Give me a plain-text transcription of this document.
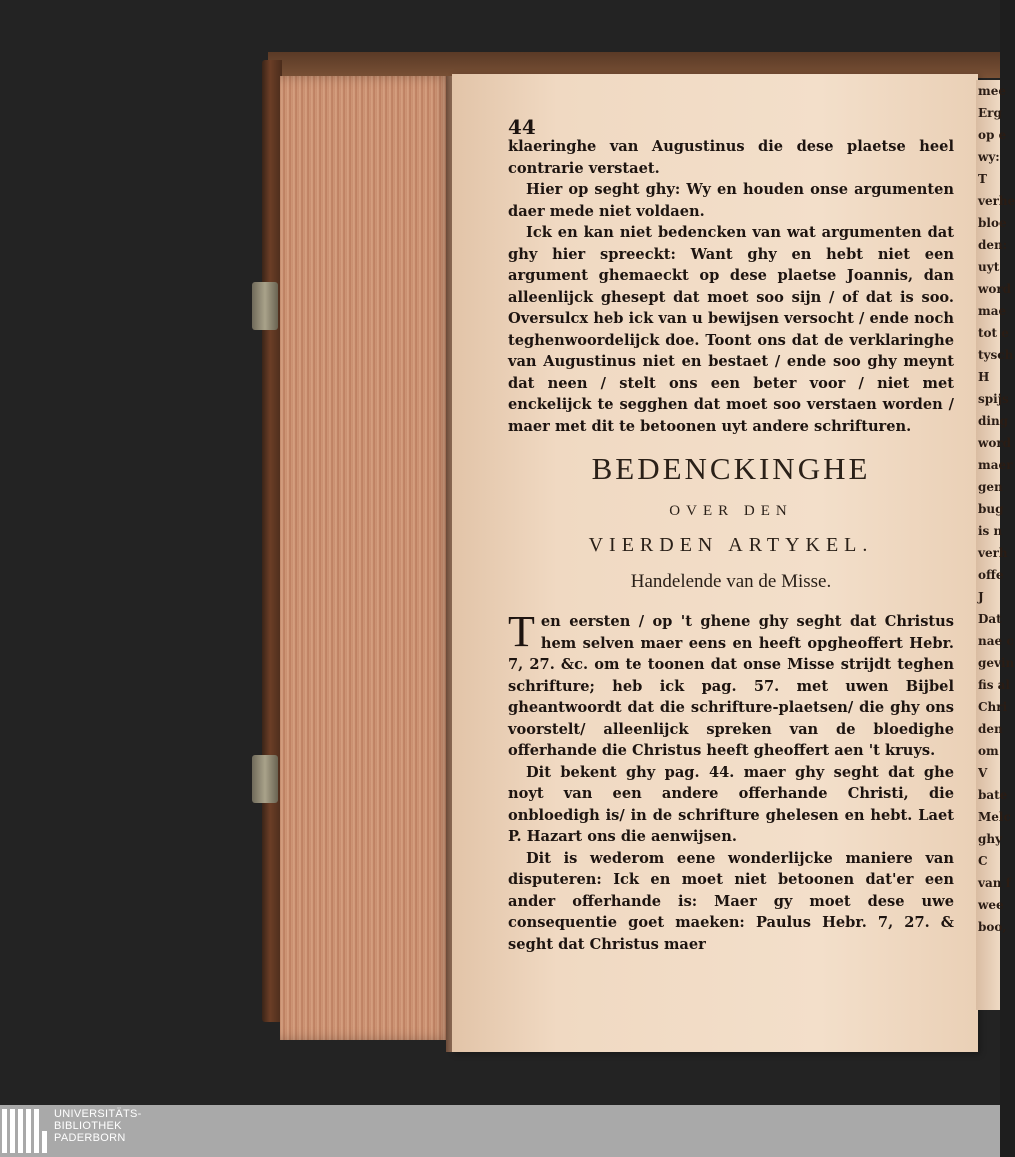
mee
Erg
op e
wy:
T
verhe
bloe
den:
uyt
word
mae
tot e
tysch
H
spijs
ding
word
maer
gen
bug
is n
verh
offe
J
Dat
nae c
gevin
fis al
Chri
den
om
V
bate
Melc
ghy
C
van f
wee
boo,
44

klaeringhe van Augustinus die dese plaetse heel contrarie verstaet.

Hier op seght ghy: Wy en houden onse argumenten daer mede niet voldaen.

Ick en kan niet bedencken van wat argumenten dat ghy hier spreeckt: Want ghy en hebt niet een argument ghemaeckt op dese plaetse Joannis, dan alleenlijck ghesept dat moet soo sijn / of dat is soo. Oversulcx heb ick van u bewijsen versocht / ende noch teghenwoordelijck doe. Toont ons dat de verklaringhe van Augustinus niet en bestaet / ende soo ghy meynt dat neen / stelt ons een beter voor / niet met enckelijck te segghen dat moet soo verstaen worden / maer met dit te betoonen uyt andere schrifturen.

BEDENCKINGHE
OVER DEN
VIERDEN ARTYKEL.
Handelende van de Misse.

Ten eersten / op 't ghene ghy seght dat Christus hem selven maer eens en heeft opgheoffert Hebr. 7, 27. &c. om te toonen dat onse Misse strijdt teghen schrifture; heb ick pag. 57. met uwen Bijbel gheantwoordt dat die schrifture-plaetsen/ die ghy ons voorstelt/ alleenlijck spreken van de bloedighe offerhande die Christus heeft gheoffert aen 't kruys.

Dit bekent ghy pag. 44. maer ghy seght dat ghe noyt van een andere offerhande Christi, die onbloedigh is/ in de schrifture ghelesen en hebt. Laet P. Hazart ons die aenwijsen.

Dit is wederom eene wonderlijcke maniere van disputeren: Ick en moet niet betoonen dat'er een ander offerhande is: Maer gy moet dese uwe consequentie goet maeken: Paulus Hebr. 7, 27. & seght dat Christus maer

UNIVERSITÄTS-
BIBLIOTHEK
PADERBORN
